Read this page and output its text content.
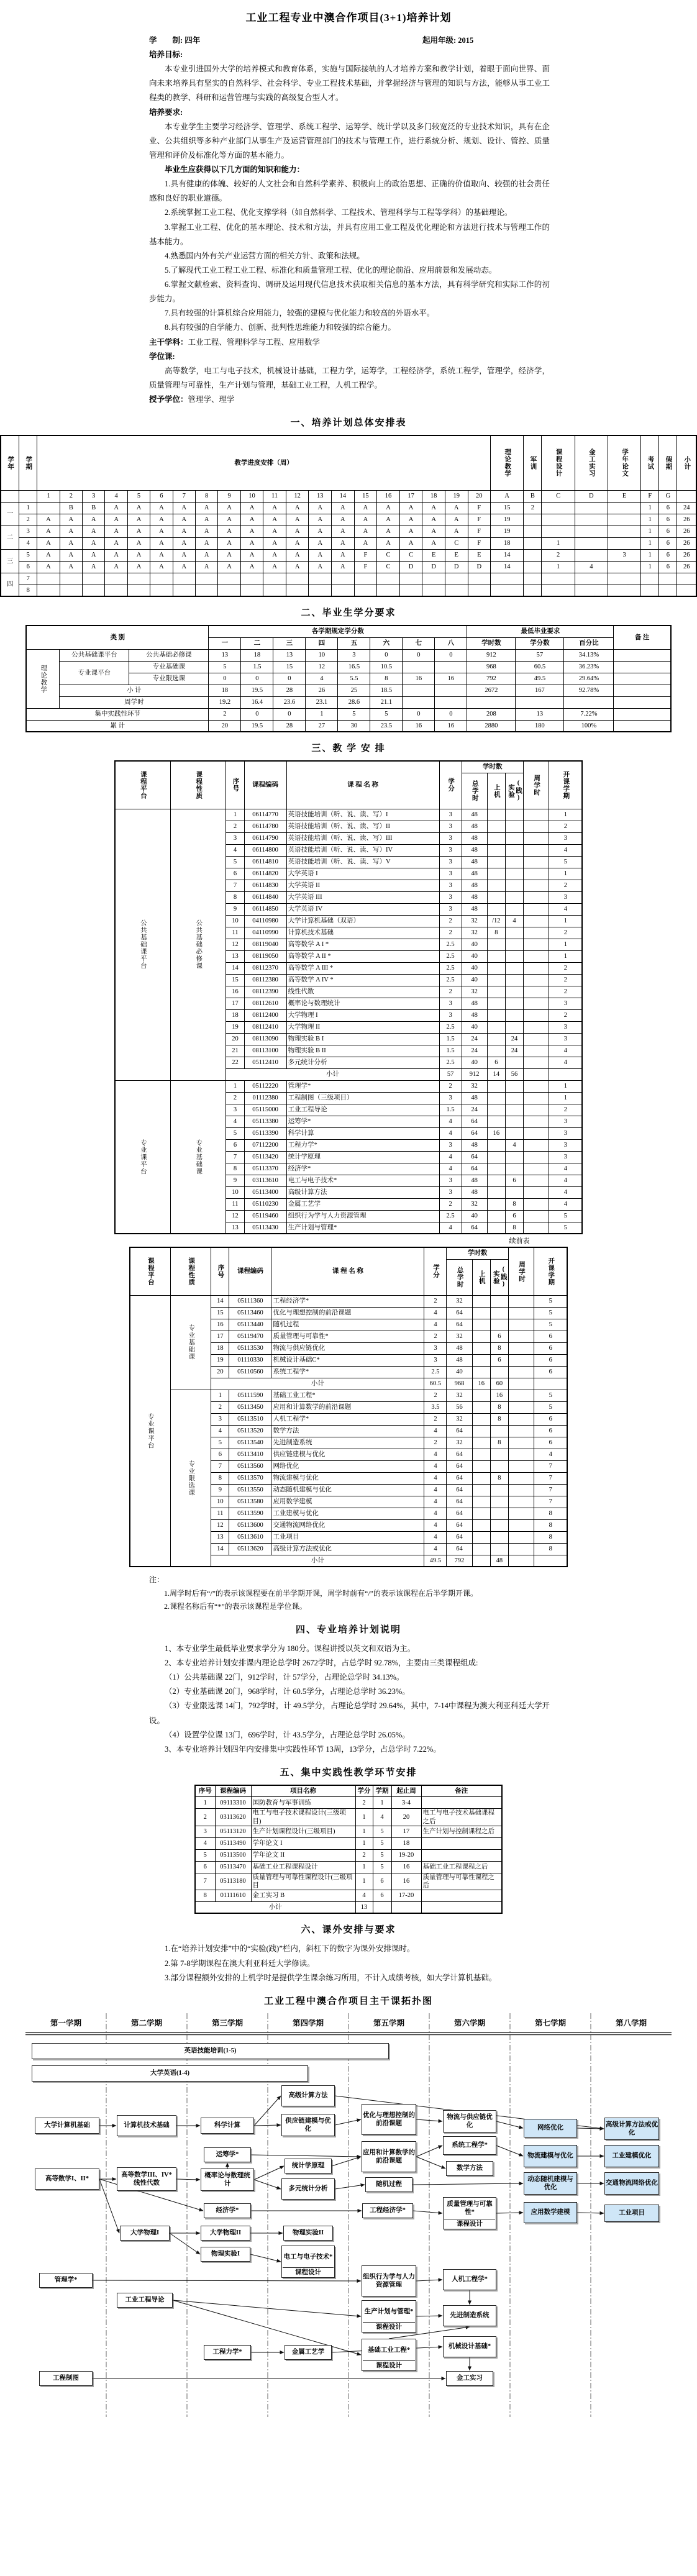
工业工程专业中澳合作项目(3+1)培养计划
学　　制: 四年	起用年级: 2015

培养目标:

本专业引进国外大学的培养模式和教育体系，实施与国际接轨的人才培养方案和教学计划，着眼于面向世界、面向未来培养具有坚实的自然科学、社会科学、专业工程技术基础，并掌握经济与管理的知识与方法，能够从事工业工程类的教学、科研和运营管理与实践的高级复合型人才。

培养要求:

本专业学生主要学习经济学、管理学、系统工程学、运筹学、统计学以及多门较宽泛的专业技术知识，具有在企业、公共组织等多种产业部门从事生产及运营管理部门的技术与管理工作，进行系统分析、规划、设计、管控、质量管理和评价及标准化等方面的基本能力。

毕业生应获得以下几方面的知识和能力：

1.具有健康的体魄、较好的人文社会和自然科学素养、积极向上的政治思想、正确的价值取向、较强的社会责任感和良好的职业道德。

2.系统掌握工业工程、优化支撑学科（如自然科学、工程技术、管理科学与工程等学科）的基础理论。

3.掌握工业工程、优化的基本理论、技术和方法，并具有应用工业工程及优化理论和方法进行技术与管理工作的基本能力。

4.熟悉国内外有关产业运营方面的相关方针、政策和法规。

5.了解现代工业工程工业工程、标准化和质量管理工程、优化的理论前沿、应用前景和发展动态。

6.掌握文献检索、资料查询、调研及运用现代信息技术获取相关信息的基本方法，具有科学研究和实际工作的初步能力。

7.具有较强的计算机综合应用能力，较强的建模与优化能力和较高的外语水平。

8.具有较强的自学能力、创新、批判性思维能力和较强的综合能力。

主干学科：工业工程、管理科学与工程、应用数学

学位课:

高等数学，电工与电子技术，机械设计基础，工程力学，运筹学，工程经济学，系统工程学，管理学，经济学，质量管理与可靠性，生产计划与管理，基础工业工程，人机工程学。

授予学位：管理学、理学

一、培养计划总体安排表
学年	学期	教学进度安排（周）																				理论教学	军训	课程设计	金工实习	学年论文	考试	假期	小计
		1	2	3	4	5	6	7	8	9	10	11	12	13	14	15	16	17	18	19	20	A	B	C	D	E	F	G	
一	1		B	B	A	A	A	A	A	A	A	A	A	A	A	A	A	A	A	A	F	15	2				1	6	24
	2	A	A	A	A	A	A	A	A	A	A	A	A	A	A	A	A	A	A	A	F	19					1	6	26
二	3	A	A	A	A	A	A	A	A	A	A	A	A	A	A	A	A	A	A	A	F	19					1	6	26
	4	A	A	A	A	A	A	A	A	A	A	A	A	A	A	A	A	A	A	C	F	18		1			1	6	26
三	5	A	A	A	A	A	A	A	A	A	A	A	A	A	A	F	C	C	E	E	E	14		2		3	1	6	26
	6	A	A	A	A	A	A	A	A	A	A	A	A	A	A	F	C	D	D	D	D	14		1	4		1	6	26
四	7																												
	8																												
二、毕业生学分要求
类 别			各学期规定学分数								最低毕业要求			备 注
			一	二	三	四	五	六	七	八	学时数	学分数	百分比	
理论教学	公共基础课平台	公共基础必修课	13	18	13	10	3	0	0	0	912	57	34.13%	
	专业课平台	专业基础课	5	1.5	15	12	16.5	10.5			968	60.5	36.23%	
		专业限选课	0	0	0	4	5.5	8	16	16	792	49.5	29.64%	
	小 计		18	19.5	28	26	25	18.5			2672	167	92.78%	
	周学时		19.2	16.4	23.6	23.1	28.6	21.1						
集中实践性环节			2	0	0	1	5	5	0	0	208	13	7.22%	
累 计			20	19.5	28	27	30	23.5	16	16	2880	180	100%	
三、教 学 安 排
课程平台	课程性质	序号	课程编码	课 程 名 称	学分	学时数			周学时	开课学期
						总学时	上机	实验(践)		
公共基础课平台	公共基础必修课	1	06114770	英语技能培训（听、说、读、写）I	3	48				1
		2	06114780	英语技能培训（听、说、读、写）II	3	48				2
		3	06114790	英语技能培训（听、说、读、写）III	3	48				3
		4	06114800	英语技能培训（听、说、读、写）IV	3	48				4
		5	06114810	英语技能培训（听、说、读、写）V	3	48				5
		6	06114820	大学英语 I	3	48				1
		7	06114830	大学英语 II	3	48				2
		8	06114840	大学英语 III	3	48				3
		9	06114850	大学英语 IV	3	48				4
		10	04110980	大学计算机基础（双语）	2	32	/12	4		1
		11	04110990	计算机技术基础	2	32	8			2
		12	08119040	高等数学 A I *	2.5	40				1
		13	08119050	高等数学 A II *	2.5	40				1
		14	08112370	高等数学 A III *	2.5	40				2
		15	08112380	高等数学 A IV *	2.5	40				2
		16	08112390	线性代数	2	32				2
		17	08112610	概率论与数理统计	3	48				3
		18	08112400	大学物理 I	3	48				2
		19	08112410	大学物理 II	2.5	40				3
		20	08113090	物理实验 B I	1.5	24		24		3
		21	08113100	物理实验 B II	1.5	24		24		4
		22	05112410	多元统计分析	2.5	40	6			4
		小计			57	912	14	56		
专业课平台	专业基础课	1	05112220	管理学*	2	32				1
		2	01112380	工程制图（三级项目）	3	48				1
		3	05115000	工业工程导论	1.5	24				2
		4	05113380	运筹学*	4	64				3
		5	05113390	科学计算	4	64	16			3
		6	07112200	工程力学*	3	48		4		3
		7	05113420	统计学原理	4	64				3
		8	05113370	经济学*	4	64				4
		9	03113610	电工与电子技术*	3	48		6		4
		10	05113400	高级计算方法	3	48				4
		11	05110230	金属工艺学	2	32		8		4
		12	05119460	组织行为学与人力资源管理	2.5	40		6		5
		13	05113430	生产计划与管理*	4	64		8		5
续前表
课程平台	课程性质	序号	课程编码	课 程 名 称	学分	学时数			周学时	开课学期
						总学时	上机	实验(践)		
专业课平台	专业基础课	14	05111360	工程经济学*	2	32				5
		15	05113460	优化与理想控制的前沿课题	4	64				5
		16	05113440	随机过程	4	64				5
		17	05119470	质量管理与可靠性*	2	32		6		6
		18	05113530	物流与供应链优化	3	48		8		6
		19	01110330	机械设计基础C*	3	48		6		6
		20	05110560	系统工程学*	2.5	40				6
		小计			60.5	968	16	60		
	专业限选课	1	05111590	基础工业工程*	2	32		16		5
		2	05113450	应用和计算数学的前沿课题	3.5	56		8		5
		3	05113510	人机工程学*	2	32		8		6
		4	05113520	数学方法	4	64				6
		5	05113540	先进制造系统	2	32		8		6
		6	05113410	供应链建模与优化	4	64				4
		7	05113560	网络优化	4	64				7
		8	05113570	物流建模与优化	4	64		8		7
		9	05113550	动态随机建模与优化	4	64				7
		10	05113580	应用数学建模	4	64				7
		11	05113590	工业建模与优化	4	64				8
		12	05113600	交通物流网络优化	4	64				8
		13	05113610	工业项目	4	64				8
		14	05113620	高级计算方法或优化	4	64				8
		小计			49.5	792		48		

注：

1.周学时后有“/”的表示该课程要在前半学期开课，周学时前有“/”的表示该课程在后半学期开课。

2.课程名称后有“*”的表示该课程是学位课。

四、专业培养计划说明

1、本专业学生最低毕业要求学分为 180分。课程讲授以英文和双语为主。

2、本专业培养计划安排课内理论总学时 2672学时，占总学时 92.78%，主要由三类课程组成:

（1）公共基础课 22门，912学时，计 57学分，占理论总学时 34.13%。

（2）专业基础课 20门，968学时，计 60.5学分，占理论总学时 36.23%。

（3）专业限选课 14门，792学时，计 49.5学分，占理论总学时 29.64%，其中，7-14中课程为澳大利亚科廷大学开设。

（4）设置学位课 13门，696学时，计 43.5学分，占理论总学时 26.05%。

3、本专业培养计划四年内安排集中实践性环节 13周，13学分，占总学时 7.22%。

五、集中实践性教学环节安排
序号	课程编码	项目名称	学分	学期	起止周	备注
1	09113310	国防教育与军事训练	2	1	3-4	
2	03113620	电工与电子技术课程设计(三级项目)	1	4	20	电工与电子技术基础课程之后
3	05113120	生产计划课程设计(三级项目)	1	5	17	生产计划与控制课程之后
4	05113490	学年论文 I	1	5	18	
5	05113500	学年论文 II	2	5	19-20	
6	05113470	基础工业工程课程设计	1	5	16	基础工业工程课程之后
7	05113180	质量管理与可靠性课程设计(三级项目	1	6	16	质量管理与可靠性课程之后
8	01111610	金工实习 B	4	6	17-20	
小计			13			
六、课外安排与要求

1.在“培养计划安排”中的“实验(践)”栏内，斜杠下的数字为课外安排课时。

2.第 7-8学期课程在澳大利亚科廷大学修读。

3.部分课程额外安排的上机学时是提供学生课余练习所用，不计入成绩考核，如大学计算机基础。

工业工程中澳合作项目主干课拓扑图
第一学期	第二学期	第三学期	第四学期	第五学期	第六学期	第七学期	第八学期
英语技能培训(1-5)
大学英语(1-4)
高级计算方法
优化与理想控制的前沿课题
大学计算机基础	计算机技术基础	科学计算
供应链建模与优化
物流与供应链优化	网络优化
高级计算方法或优化
运筹学*	应用和计算数学的前沿课题
系统工程学*
数学方法
物流建模与优化	工业建模优化
高等数学I、II*
高等数学III、IV*线性代数
概率论与数理统计
统计学原理
多元统计分析
随机过程
动态随机建模与优化
交通物流网络优化
质量管理与可靠性*
课程设计
经济学*	工程经济学*	应用数学建模	工业项目
大学物理I	大学物理II	物理实验II
物理实验I	电工与电子技术*
课程设计
管理学*
组织行为学与人力资源管理
人机工程学*
工业工程导论
生产计划与管理*
课程设计
先进制造系统
基础工业工程*
课程设计
机械设计基础*
工程力学*	金属工艺学
工程制图	金工实习
